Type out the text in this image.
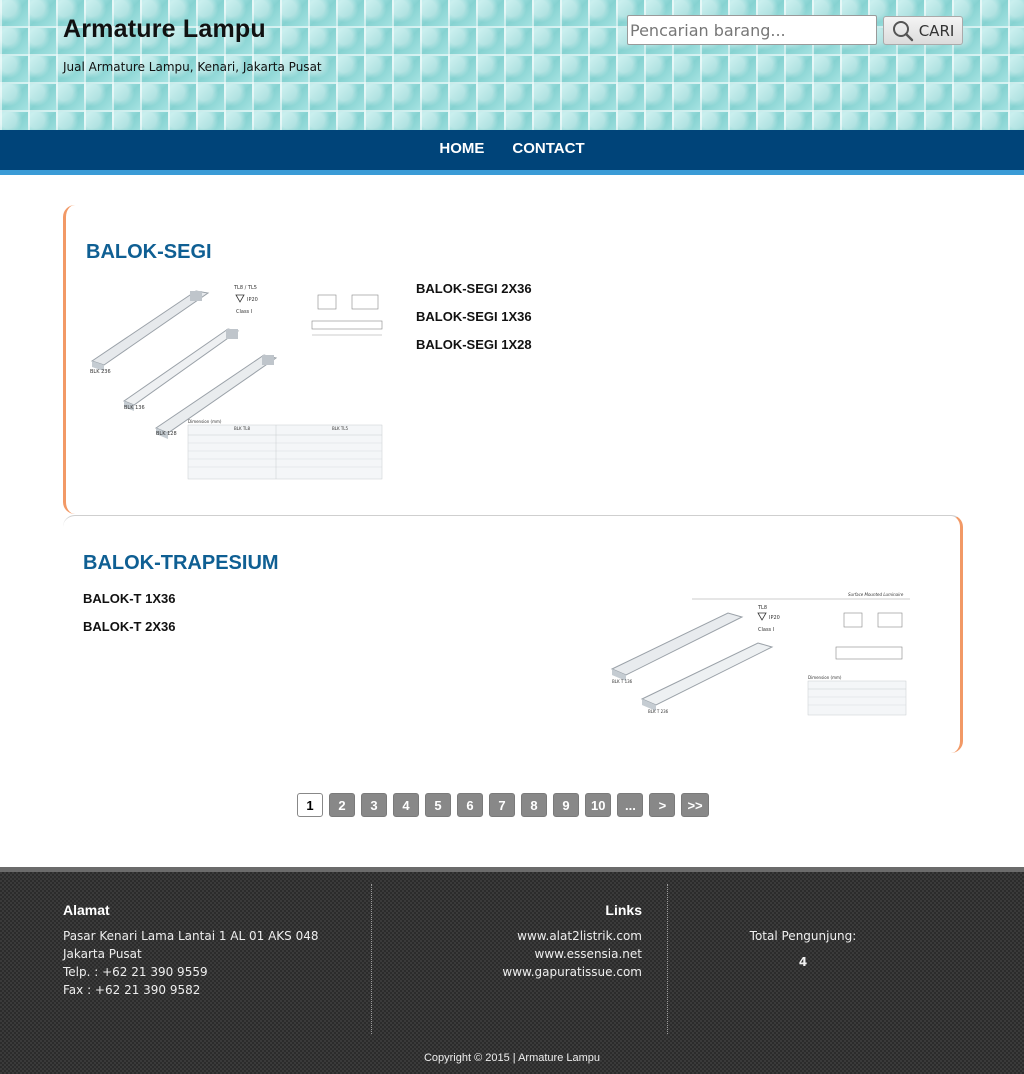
Armature Lampu
Jual Armature Lampu, Kenari, Jakarta Pusat
Pencarian barang...
CARI
HOME	CONTACT
BALOK-SEGI
BLK 236
BLK 136
BLK 128
TL8 / TL5
IP20
Class I
Dimension (mm)
BLK TL8	BLK TL5
BALOK-SEGI 2X36
BALOK-SEGI 1X36
BALOK-SEGI 1X28
BALOK-TRAPESIUM
BALOK-T 1X36
BALOK-T 2X36
Surface Mounted Luminaire
BLK T 136
BLK T 236
TL8
IP20
Class I
Dimension (mm)
1	2	3	4	5	6	7	8	9	10	...	>	>>
Alamat
Pasar Kenari Lama Lantai 1 AL 01 AKS 048
Jakarta Pusat
Telp. : +62 21 390 9559
Fax : +62 21 390 9582
Links
www.alat2listrik.com
www.essensia.net
www.gapuratissue.com
Total Pengunjung:
4
Copyright © 2015 | Armature Lampu
